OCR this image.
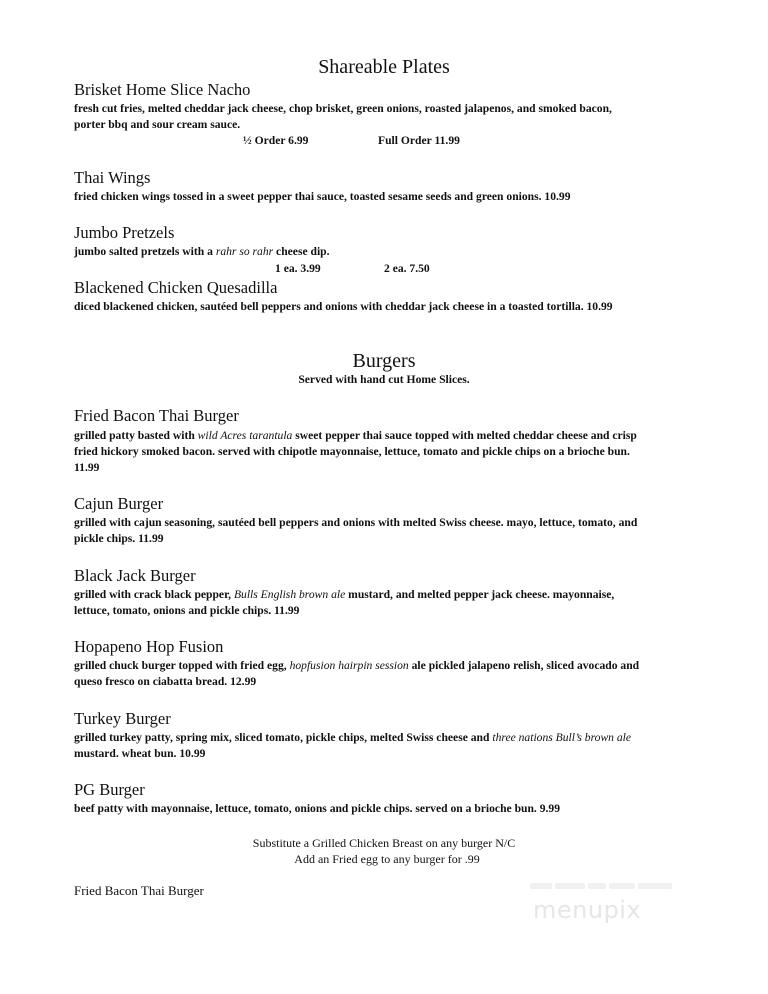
Shareable Plates
Brisket Home Slice Nacho
fresh cut fries, melted cheddar jack cheese, chop brisket, green onions, roasted jalapenos, and smoked bacon, porter bbq and sour cream sauce.
½ Order 6.99	Full Order 11.99
Thai Wings
fried chicken wings tossed in a sweet pepper thai sauce, toasted sesame seeds and green onions. 10.99
Jumbo Pretzels
jumbo salted pretzels with a rahr so rahr cheese dip.
1 ea. 3.99	2 ea. 7.50
Blackened Chicken Quesadilla
diced blackened chicken, sautéed bell peppers and onions with cheddar jack cheese in a toasted tortilla. 10.99
Burgers
Served with hand cut Home Slices.
Fried Bacon Thai Burger
grilled patty basted with wild Acres tarantula sweet pepper thai sauce topped with melted cheddar cheese and crisp fried hickory smoked bacon. served with chipotle mayonnaise, lettuce, tomato and pickle chips on a brioche bun. 11.99
Cajun Burger
grilled with cajun seasoning, sautéed bell peppers and onions with melted Swiss cheese. mayo, lettuce, tomato, and pickle chips. 11.99
Black Jack Burger
grilled with crack black pepper, Bulls English brown ale mustard, and melted pepper jack cheese. mayonnaise, lettuce, tomato, onions and pickle chips. 11.99
Hopapeno Hop Fusion
grilled chuck burger topped with fried egg, hopfusion hairpin session ale pickled jalapeno relish, sliced avocado and queso fresco on ciabatta bread. 12.99
Turkey Burger
grilled turkey patty, spring mix, sliced tomato, pickle chips, melted Swiss cheese and three nations Bull’s brown ale mustard. wheat bun. 10.99
PG Burger
beef patty with mayonnaise, lettuce, tomato, onions and pickle chips. served on a brioche bun. 9.99
Substitute a Grilled Chicken Breast on any burger N/C
Add an Fried egg to any burger for .99
Fried Bacon Thai Burger
menupix
